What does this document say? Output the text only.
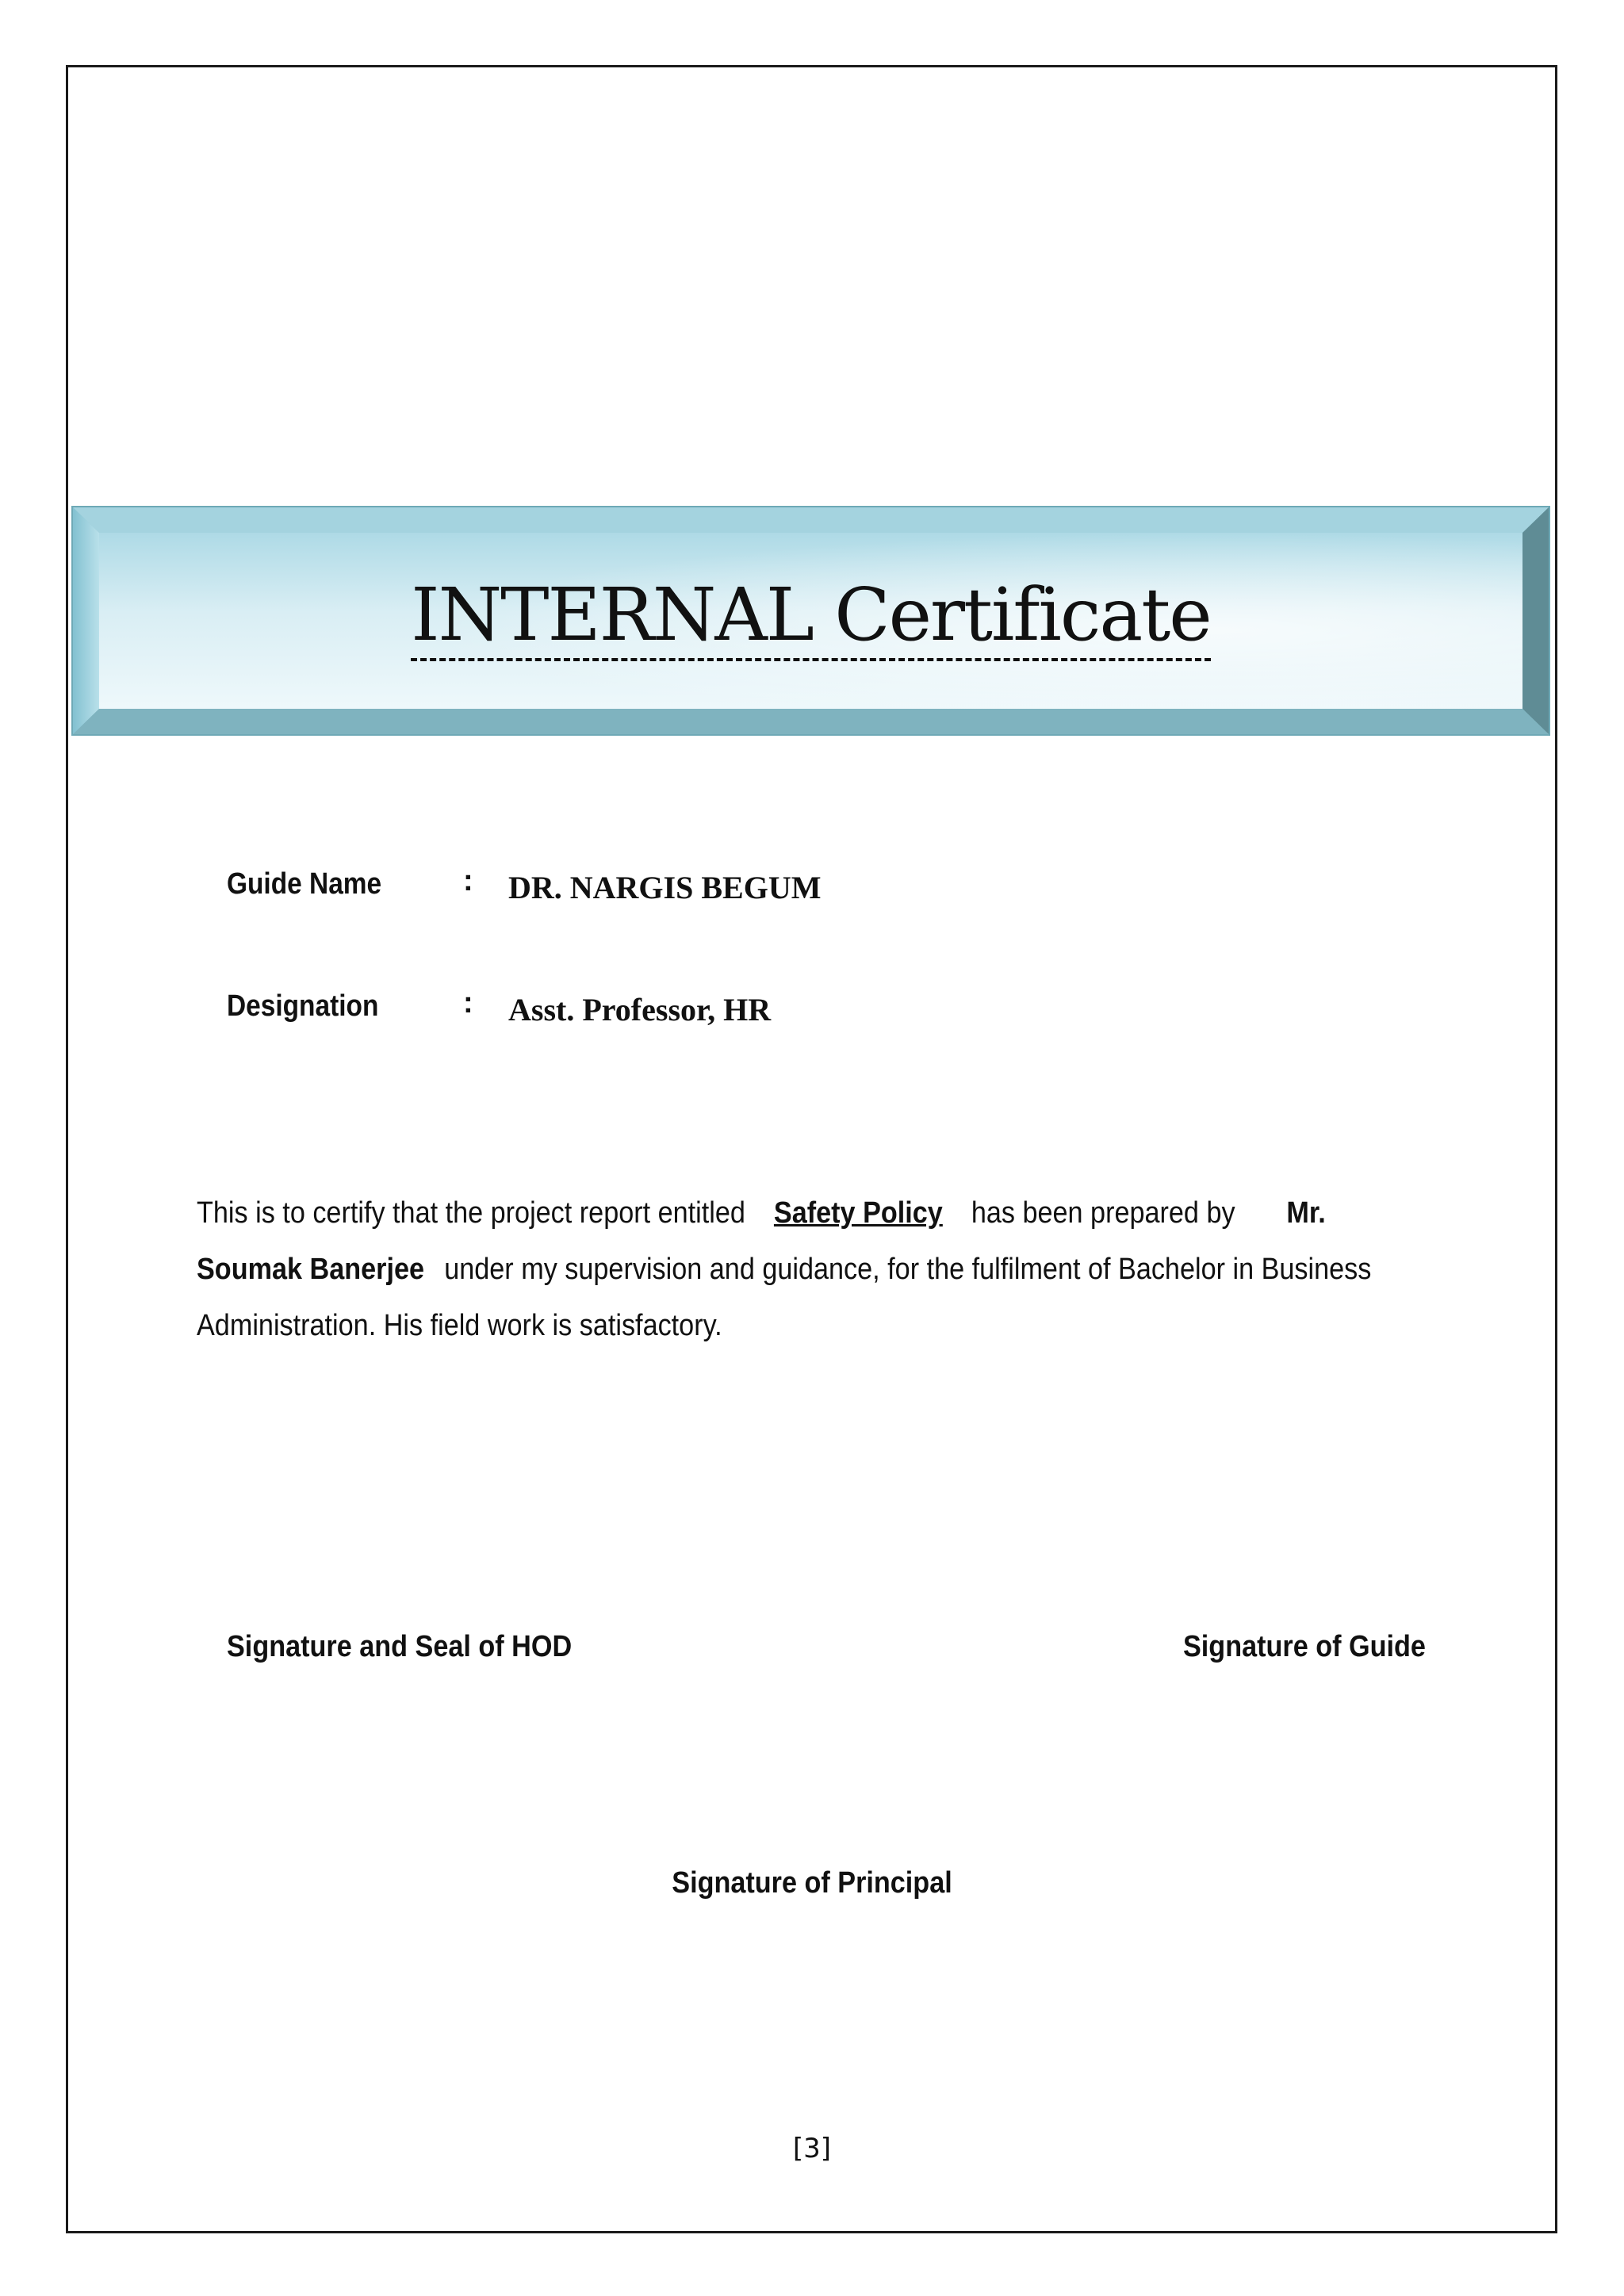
INTERNAL Certificate
Guide Name	: DR. NARGIS BEGUM
Designation	: Asst. Professor, HR
This is to certify that the project report entitled Safety Policy has been prepared by Mr.
Soumak Banerjee under my supervision and guidance, for the fulfilment of Bachelor in Business
Administration. His field work is satisfactory.
Signature and Seal of HOD	Signature of Guide
Signature of Principal
[3]
